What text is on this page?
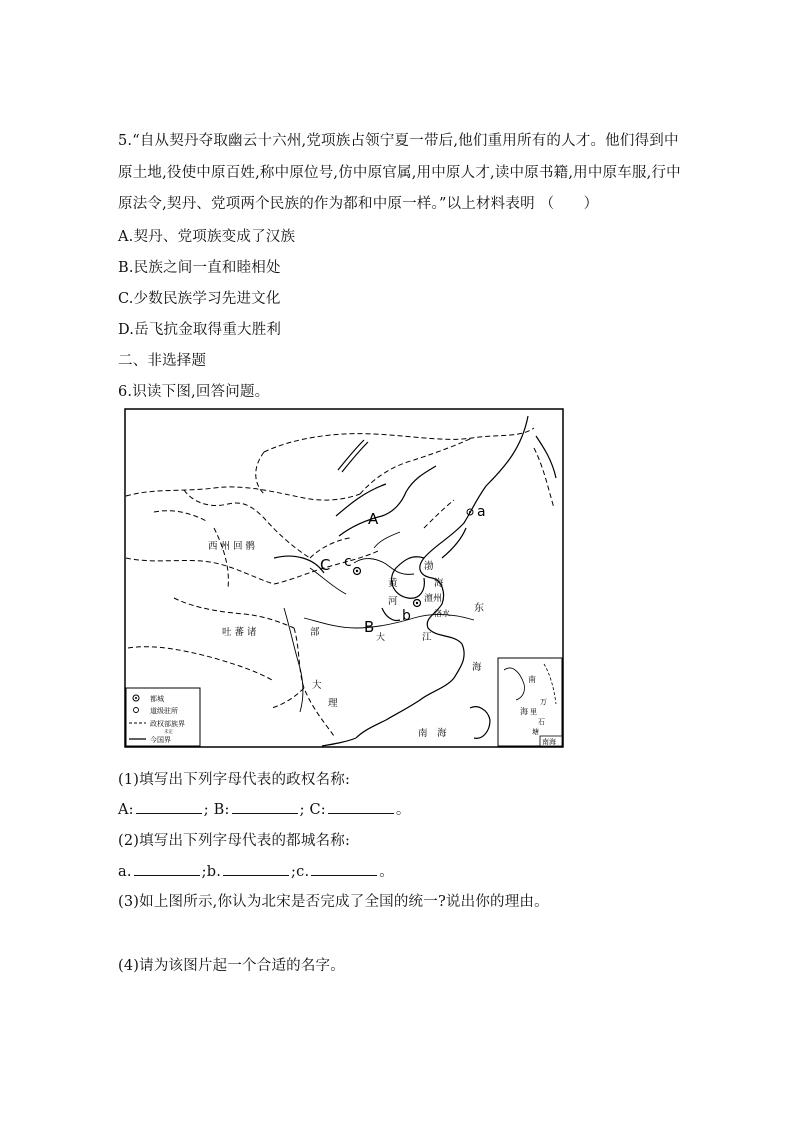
5.“自从契丹夺取幽云十六州,党项族占领宁夏一带后,他们重用所有的人才。他们得到中
原土地,役使中原百姓,称中原位号,仿中原官属,用中原人才,读中原书籍,用中原车服,行中
原法令,契丹、党项两个民族的作为都和中原一样。”以上材料表明 （　　）
A.契丹、党项族变成了汉族
B.民族之间一直和睦相处
C.少数民族学习先进文化
D.岳飞抗金取得重大胜利
二、非选择题
6.识读下图,回答问题。
A	a
C c
B
b
西 州 回 鹘
吐 蕃 诸	部
渤
海
黄
河	澶州
洛水 东
大	江
海
大
理
南　海
南
海
万
里
石
塘
南海
都城
道级驻所
政权部族界
未定
今国界
(1)填写出下列字母代表的政权名称:
A:	; B:	; C:	。
(2)填写出下列字母代表的都城名称:
a.	;b.	;c.	。
(3)如上图所示,你认为北宋是否完成了全国的统一?说出你的理由。
(4)请为该图片起一个合适的名字。
